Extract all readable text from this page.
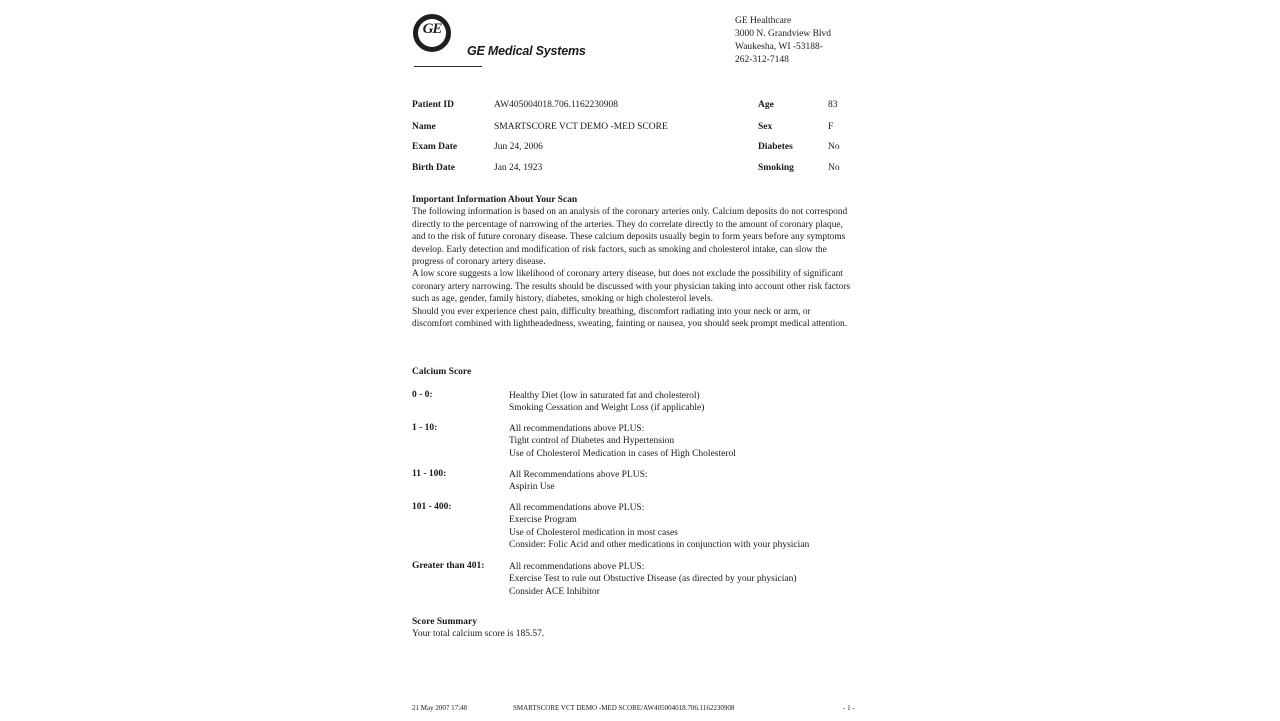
GE
GE Medical Systems
GE Healthcare
3000 N. Grandview Blvd
Waukesha, WI -53188-
262-312-7148
Patient ID	AW405004018.706.1162230908
Name	SMARTSCORE VCT DEMO -MED SCORE
Exam Date	Jun 24, 2006
Birth Date	Jan 24, 1923
Age	83
Sex	F
Diabetes	No
Smoking	No
Important Information About Your Scan
The following information is based on an analysis of the coronary arteries only. Calcium deposits do not correspond directly to the percentage of narrowing of the arteries. They do correlate directly to the amount of coronary plaque, and to the risk of future coronary disease. These calcium deposits usually begin to form years before any symptoms develop. Early detection and modification of risk factors, such as smoking and cholesterol intake, can slow the progress of coronary artery disease.
A low score suggests a low likelihood of coronary artery disease, but does not exclude the possibility of significant coronary artery narrowing. The results should be discussed with your physician taking into account other risk factors such as age, gender, family history, diabetes, smoking or high cholesterol levels.
Should you ever experience chest pain, difficulty breathing, discomfort radiating into your neck or arm, or discomfort combined with lightheadedness, sweating, fainting or nausea, you should seek prompt medical attention.
Calcium Score
0 - 0:	Healthy Diet (low in saturated fat and cholesterol)
Smoking Cessation and Weight Loss (if applicable)
1 - 10:	All recommendations above PLUS:
Tight control of Diabetes and Hypertension
Use of Cholesterol Medication in cases of High Cholesterol
11 - 100:	All Recommendations above PLUS:
Aspirin Use
101 - 400:	All recommendations above PLUS:
Exercise Program
Use of Cholesterol medication in most cases
Consider: Folic Acid and other medications in conjunction with your physician
Greater than 401:	All recommendations above PLUS:
Exercise Test to rule out Obstuctive Disease (as directed by your physician)
Consider ACE Inhibitor
Score Summary
Your total calcium score is 185.57.
21 May 2007 17:48	SMARTSCORE VCT DEMO -MED SCORE/AW405004018.706.1162230908	- 1 -
